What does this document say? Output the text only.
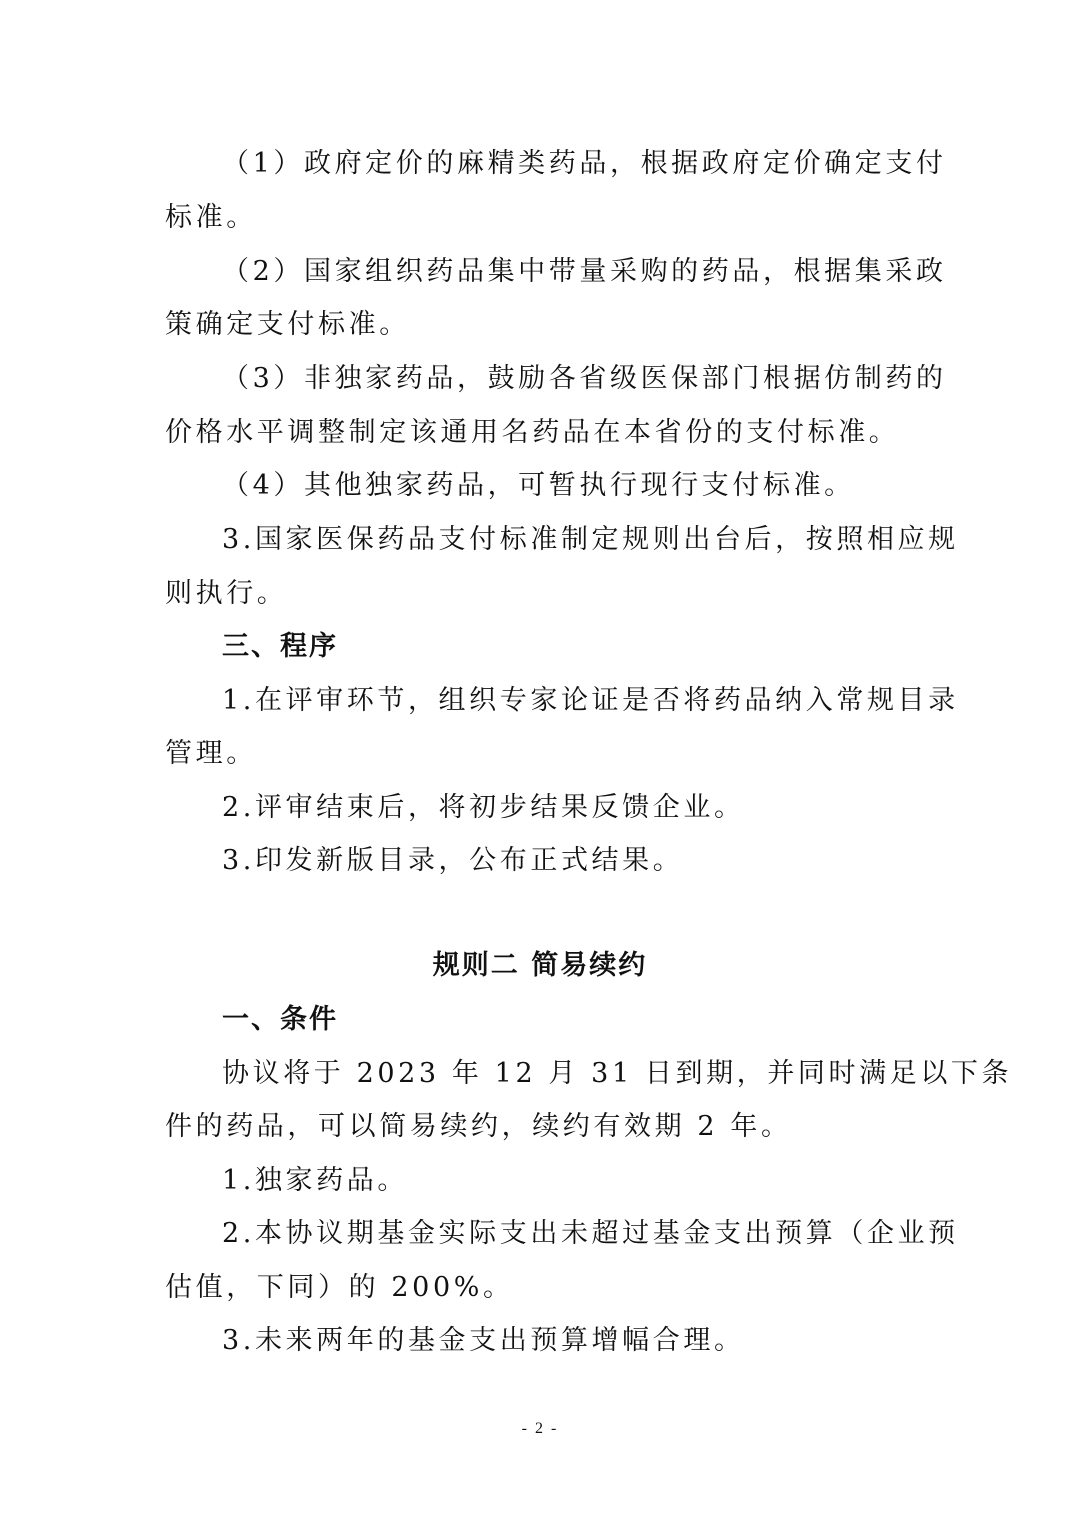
（1）政府定价的麻精类药品，根据政府定价确定支付
标准。
（2）国家组织药品集中带量采购的药品，根据集采政
策确定支付标准。
（3）非独家药品，鼓励各省级医保部门根据仿制药的
价格水平调整制定该通用名药品在本省份的支付标准。
（4）其他独家药品，可暂执行现行支付标准。
3.国家医保药品支付标准制定规则出台后，按照相应规
则执行。
三、程序
1.在评审环节，组织专家论证是否将药品纳入常规目录
管理。
2.评审结束后，将初步结果反馈企业。
3.印发新版目录，公布正式结果。
规则二 简易续约
一、条件
协议将于 2023 年 12 月 31 日到期，并同时满足以下条
件的药品，可以简易续约，续约有效期 2 年。
1.独家药品。
2.本协议期基金实际支出未超过基金支出预算（企业预
估值，下同）的 200%。
3.未来两年的基金支出预算增幅合理。
- 2 -
